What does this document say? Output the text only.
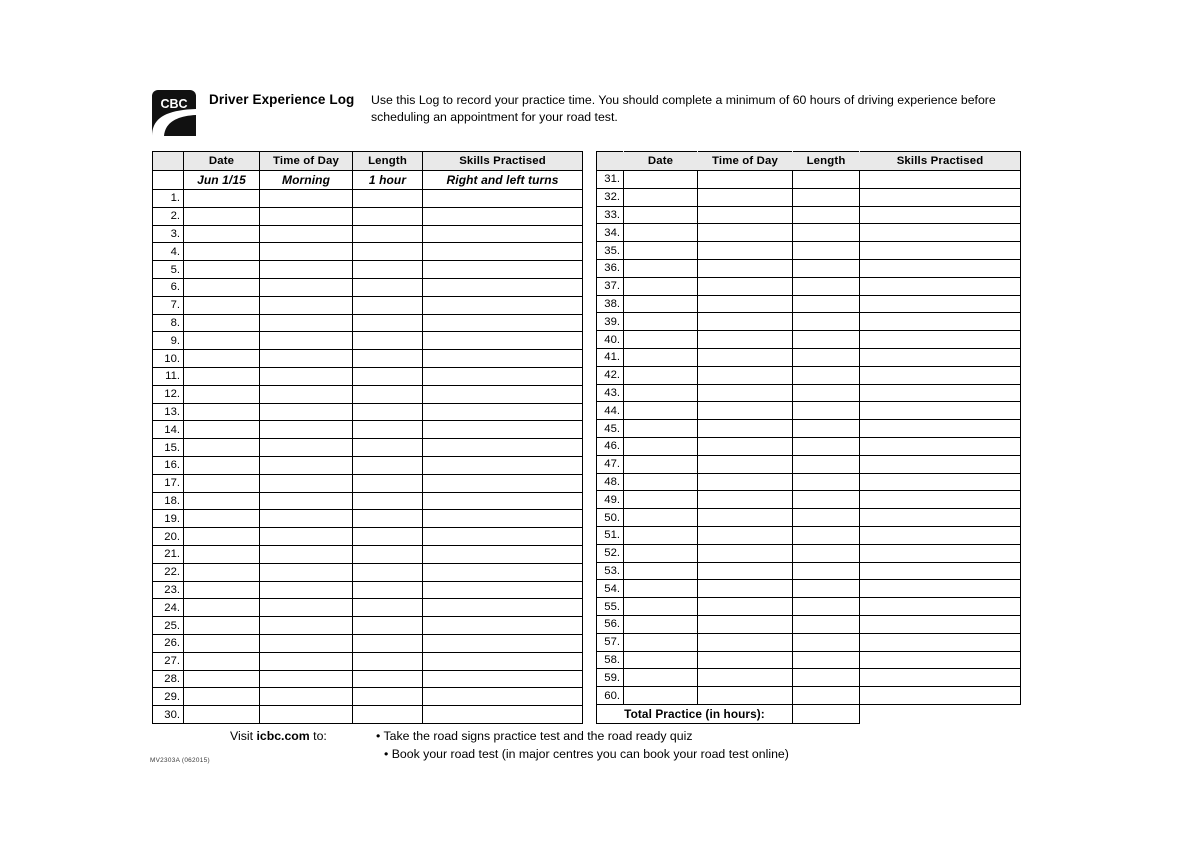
CBC Driver Experience Log Use this Log to record your practice time. You should complete a minimum of 60 hours of driving experience before scheduling an appointment for your road test.
	Date	Time of Day	Length	Skills Practised
	Jun 1/15	Morning	1 hour	Right and left turns
1.				
2.				
3.				
4.				
5.				
6.				
7.				
8.				
9.				
10.				
11.				
12.				
13.				
14.				
15.				
16.				
17.				
18.				
19.				
20.				
21.				
22.				
23.				
24.				
25.				
26.				
27.				
28.				
29.				
30.				
	Date	Time of Day	Length	Skills Practised
31.				
32.				
33.				
34.				
35.				
36.				
37.				
38.				
39.				
40.				
41.				
42.				
43.				
44.				
45.				
46.				
47.				
48.				
49.				
50.				
51.				
52.				
53.				
54.				
55.				
56.				
57.				
58.				
59.				
60.				
Total Practice (in hours):				
Visit icbc.com to:	• Take the road signs practice test and the road ready quiz
• Book your road test (in major centres you can book your road test online)
MV2303A (062015)
